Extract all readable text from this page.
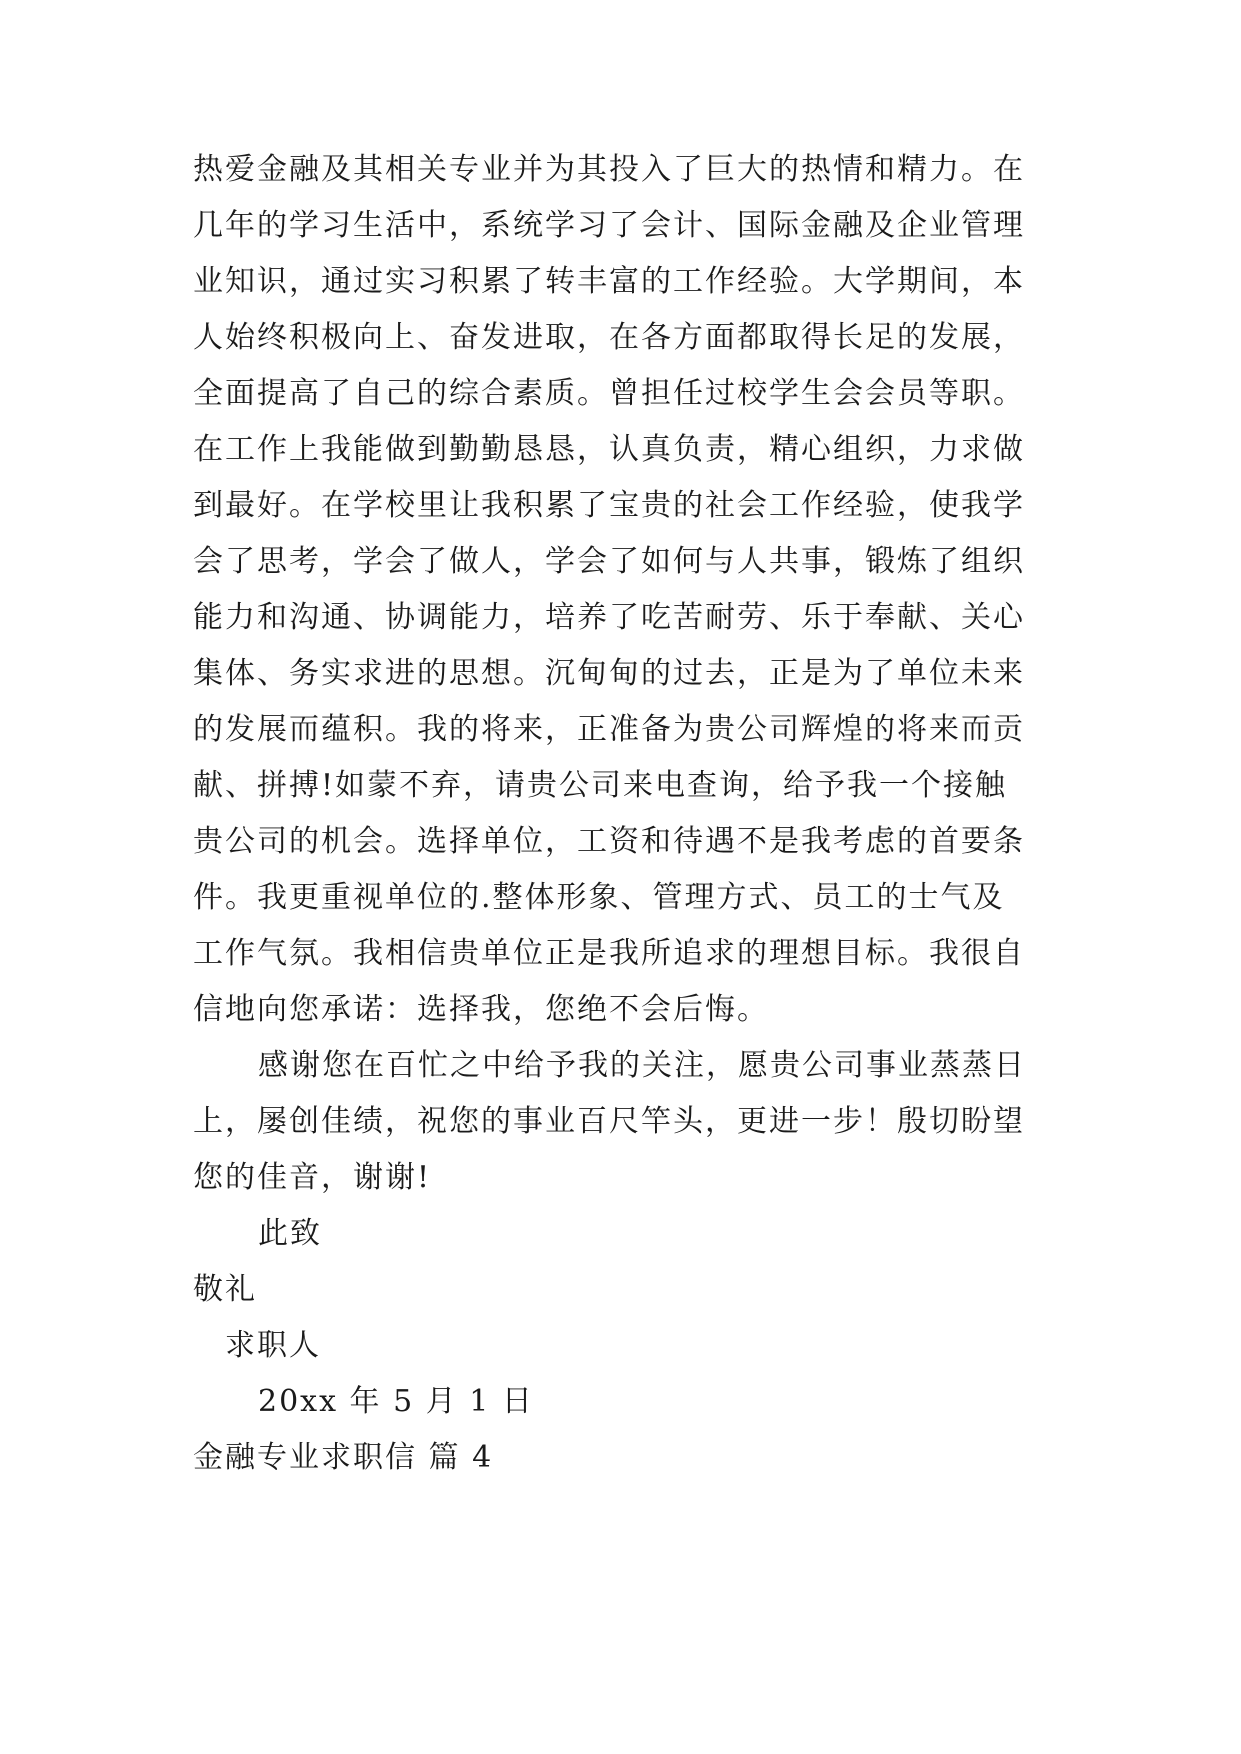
热爱金融及其相关专业并为其投入了巨大的热情和精力。在
几年的学习生活中，系统学习了会计、国际金融及企业管理
业知识，通过实习积累了转丰富的工作经验。大学期间，本
人始终积极向上、奋发进取，在各方面都取得长足的发展，
全面提高了自己的综合素质。曾担任过校学生会会员等职。
在工作上我能做到勤勤恳恳，认真负责，精心组织，力求做
到最好。在学校里让我积累了宝贵的社会工作经验，使我学
会了思考，学会了做人，学会了如何与人共事，锻炼了组织
能力和沟通、协调能力，培养了吃苦耐劳、乐于奉献、关心
集体、务实求进的思想。沉甸甸的过去，正是为了单位未来
的发展而蕴积。我的将来，正准备为贵公司辉煌的将来而贡
献、拼搏!如蒙不弃，请贵公司来电查询，给予我一个接触
贵公司的机会。选择单位，工资和待遇不是我考虑的首要条
件。我更重视单位的.整体形象、管理方式、员工的士气及
工作气氛。我相信贵单位正是我所追求的理想目标。我很自
信地向您承诺：选择我，您绝不会后悔。
感谢您在百忙之中给予我的关注，愿贵公司事业蒸蒸日
上，屡创佳绩，祝您的事业百尺竿头，更进一步！殷切盼望
您的佳音，谢谢!
此致
敬礼
求职人
20xx 年 5 月 1 日
金融专业求职信 篇 4
